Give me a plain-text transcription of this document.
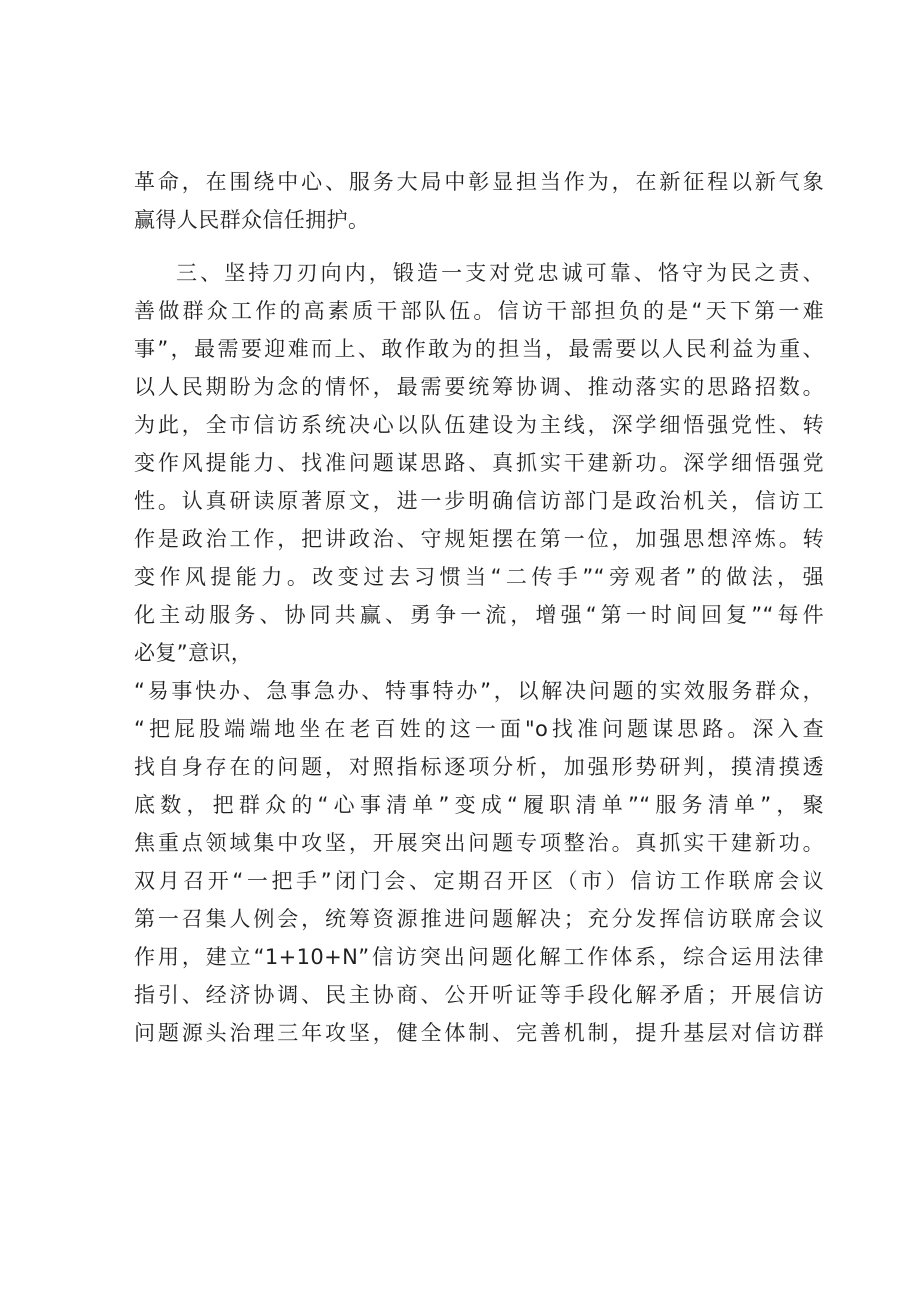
革命，在围绕中心、服务大局中彰显担当作为，在新征程以新气象
赢得人民群众信任拥护。
三、坚持刀刃向内，锻造一支对党忠诚可靠、恪守为民之责、
善做群众工作的高素质干部队伍。信访干部担负的是“天下第一难
事”，最需要迎难而上、敢作敢为的担当，最需要以人民利益为重、
以人民期盼为念的情怀，最需要统筹协调、推动落实的思路招数。
为此，全市信访系统决心以队伍建设为主线，深学细悟强党性、转
变作风提能力、找准问题谋思路、真抓实干建新功。深学细悟强党
性。认真研读原著原文，进一步明确信访部门是政治机关，信访工
作是政治工作，把讲政治、守规矩摆在第一位，加强思想淬炼。转
变作风提能力。改变过去习惯当“二传手”“旁观者”的做法，强
化主动服务、协同共赢、勇争一流，增强“第一时间回复”“每件
必复”意识，
“易事快办、急事急办、特事特办”，以解决问题的实效服务群众，
“把屁股端端地坐在老百姓的这一面"o找准问题谋思路。深入查
找自身存在的问题，对照指标逐项分析，加强形势研判，摸清摸透
底数，把群众的“心事清单”变成“履职清单”“服务清单”，聚
焦重点领域集中攻坚，开展突出问题专项整治。真抓实干建新功。
双月召开“一把手”闭门会、定期召开区（市）信访工作联席会议
第一召集人例会，统筹资源推进问题解决；充分发挥信访联席会议
作用，建立“1+10+N”信访突出问题化解工作体系，综合运用法律
指引、经济协调、民主协商、公开听证等手段化解矛盾；开展信访
问题源头治理三年攻坚，健全体制、完善机制，提升基层对信访群
